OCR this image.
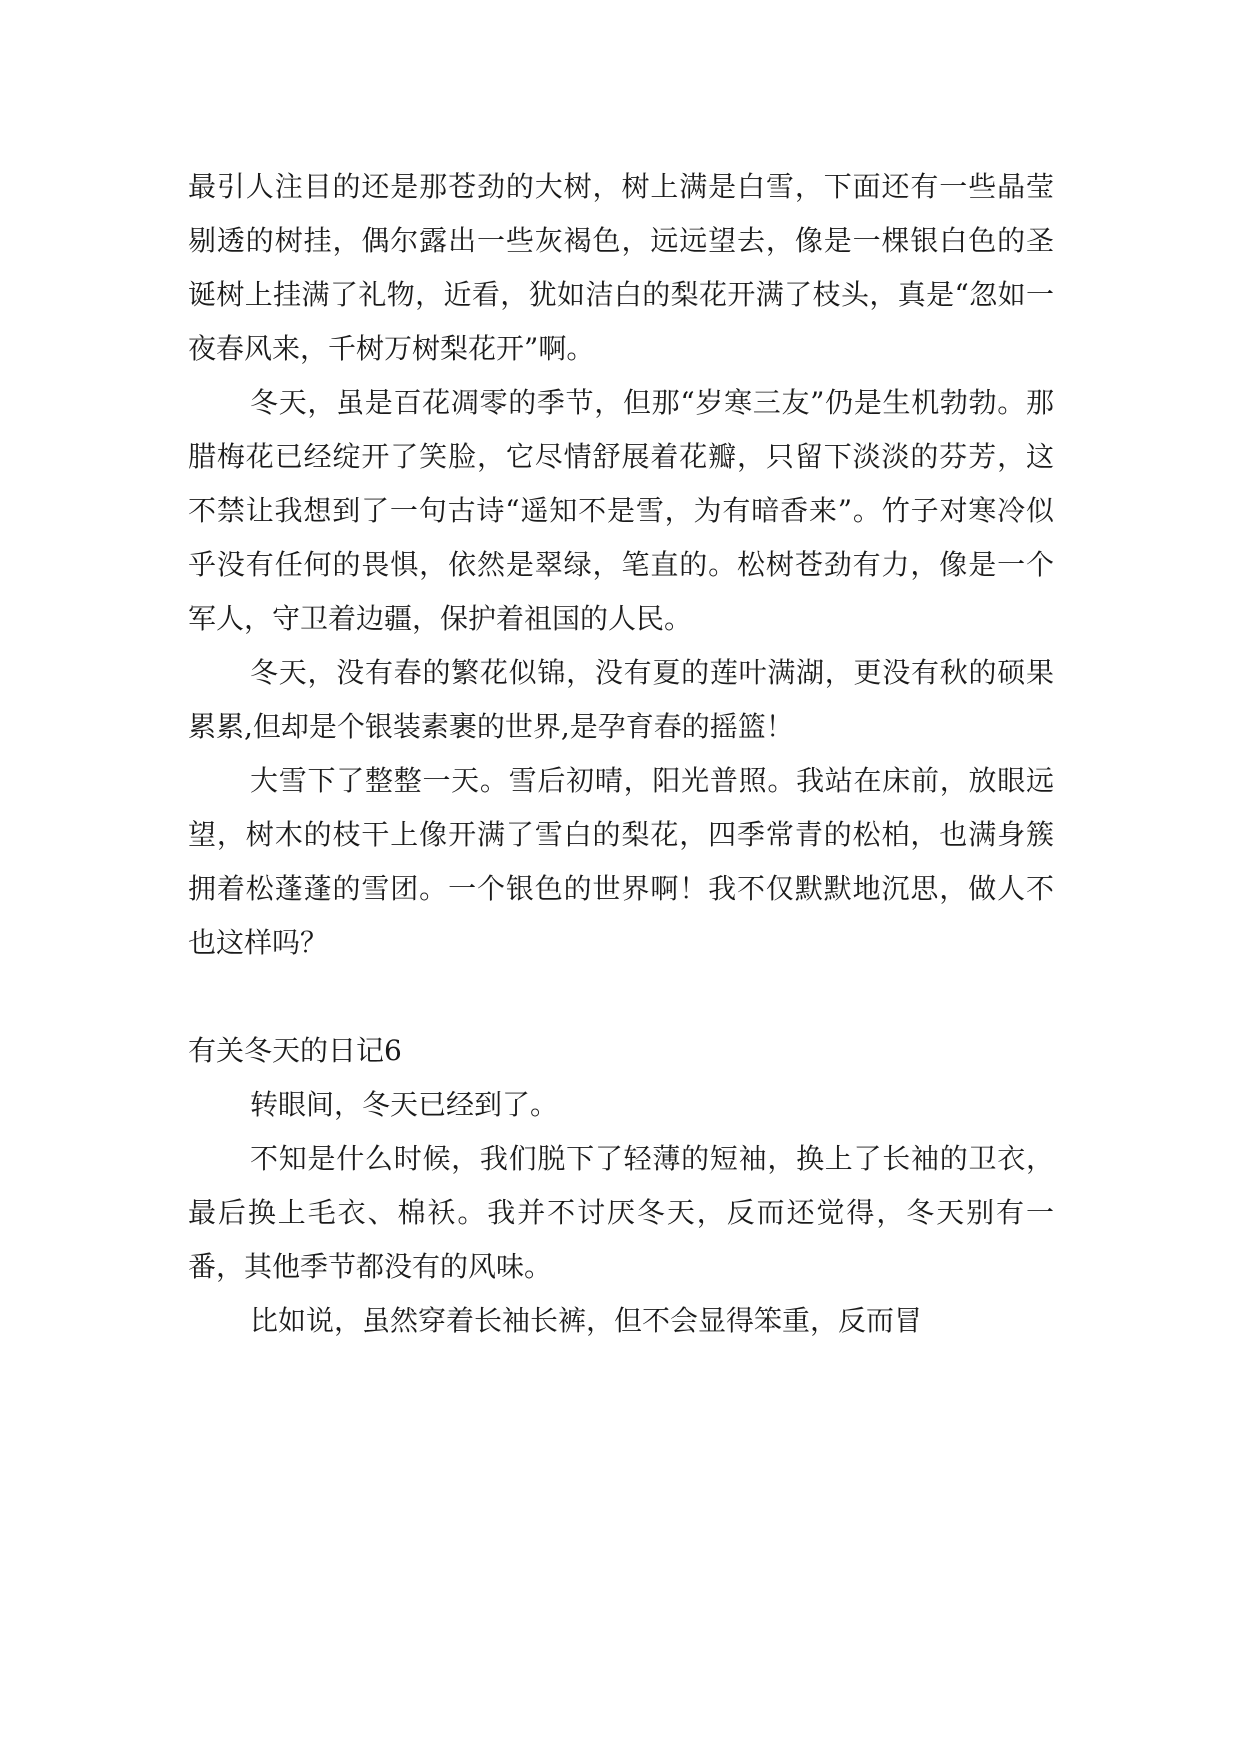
最引人注目的还是那苍劲的大树，树上满是白雪，下面还有一些晶莹剔透的树挂，偶尔露出一些灰褐色，远远望去，像是一棵银白色的圣诞树上挂满了礼物，近看，犹如洁白的梨花开满了枝头，真是“忽如一夜春风来，千树万树梨花开”啊。

冬天，虽是百花凋零的季节，但那“岁寒三友”仍是生机勃勃。那腊梅花已经绽开了笑脸，它尽情舒展着花瓣，只留下淡淡的芬芳，这不禁让我想到了一句古诗“遥知不是雪，为有暗香来”。竹子对寒冷似乎没有任何的畏惧，依然是翠绿，笔直的。松树苍劲有力，像是一个军人，守卫着边疆，保护着祖国的人民。

冬天，没有春的繁花似锦，没有夏的莲叶满湖，更没有秋的硕果累累,但却是个银装素裹的世界,是孕育春的摇篮！

大雪下了整整一天。雪后初晴，阳光普照。我站在床前，放眼远望，树木的枝干上像开满了雪白的梨花，四季常青的松柏，也满身簇拥着松蓬蓬的雪团。一个银色的世界啊！我不仅默默地沉思，做人不也这样吗？

有关冬天的日记6

转眼间，冬天已经到了。

不知是什么时候，我们脱下了轻薄的短袖，换上了长袖的卫衣，最后换上毛衣、棉袄。我并不讨厌冬天，反而还觉得，冬天别有一番，其他季节都没有的风味。

比如说，虽然穿着长袖长裤，但不会显得笨重，反而冒
